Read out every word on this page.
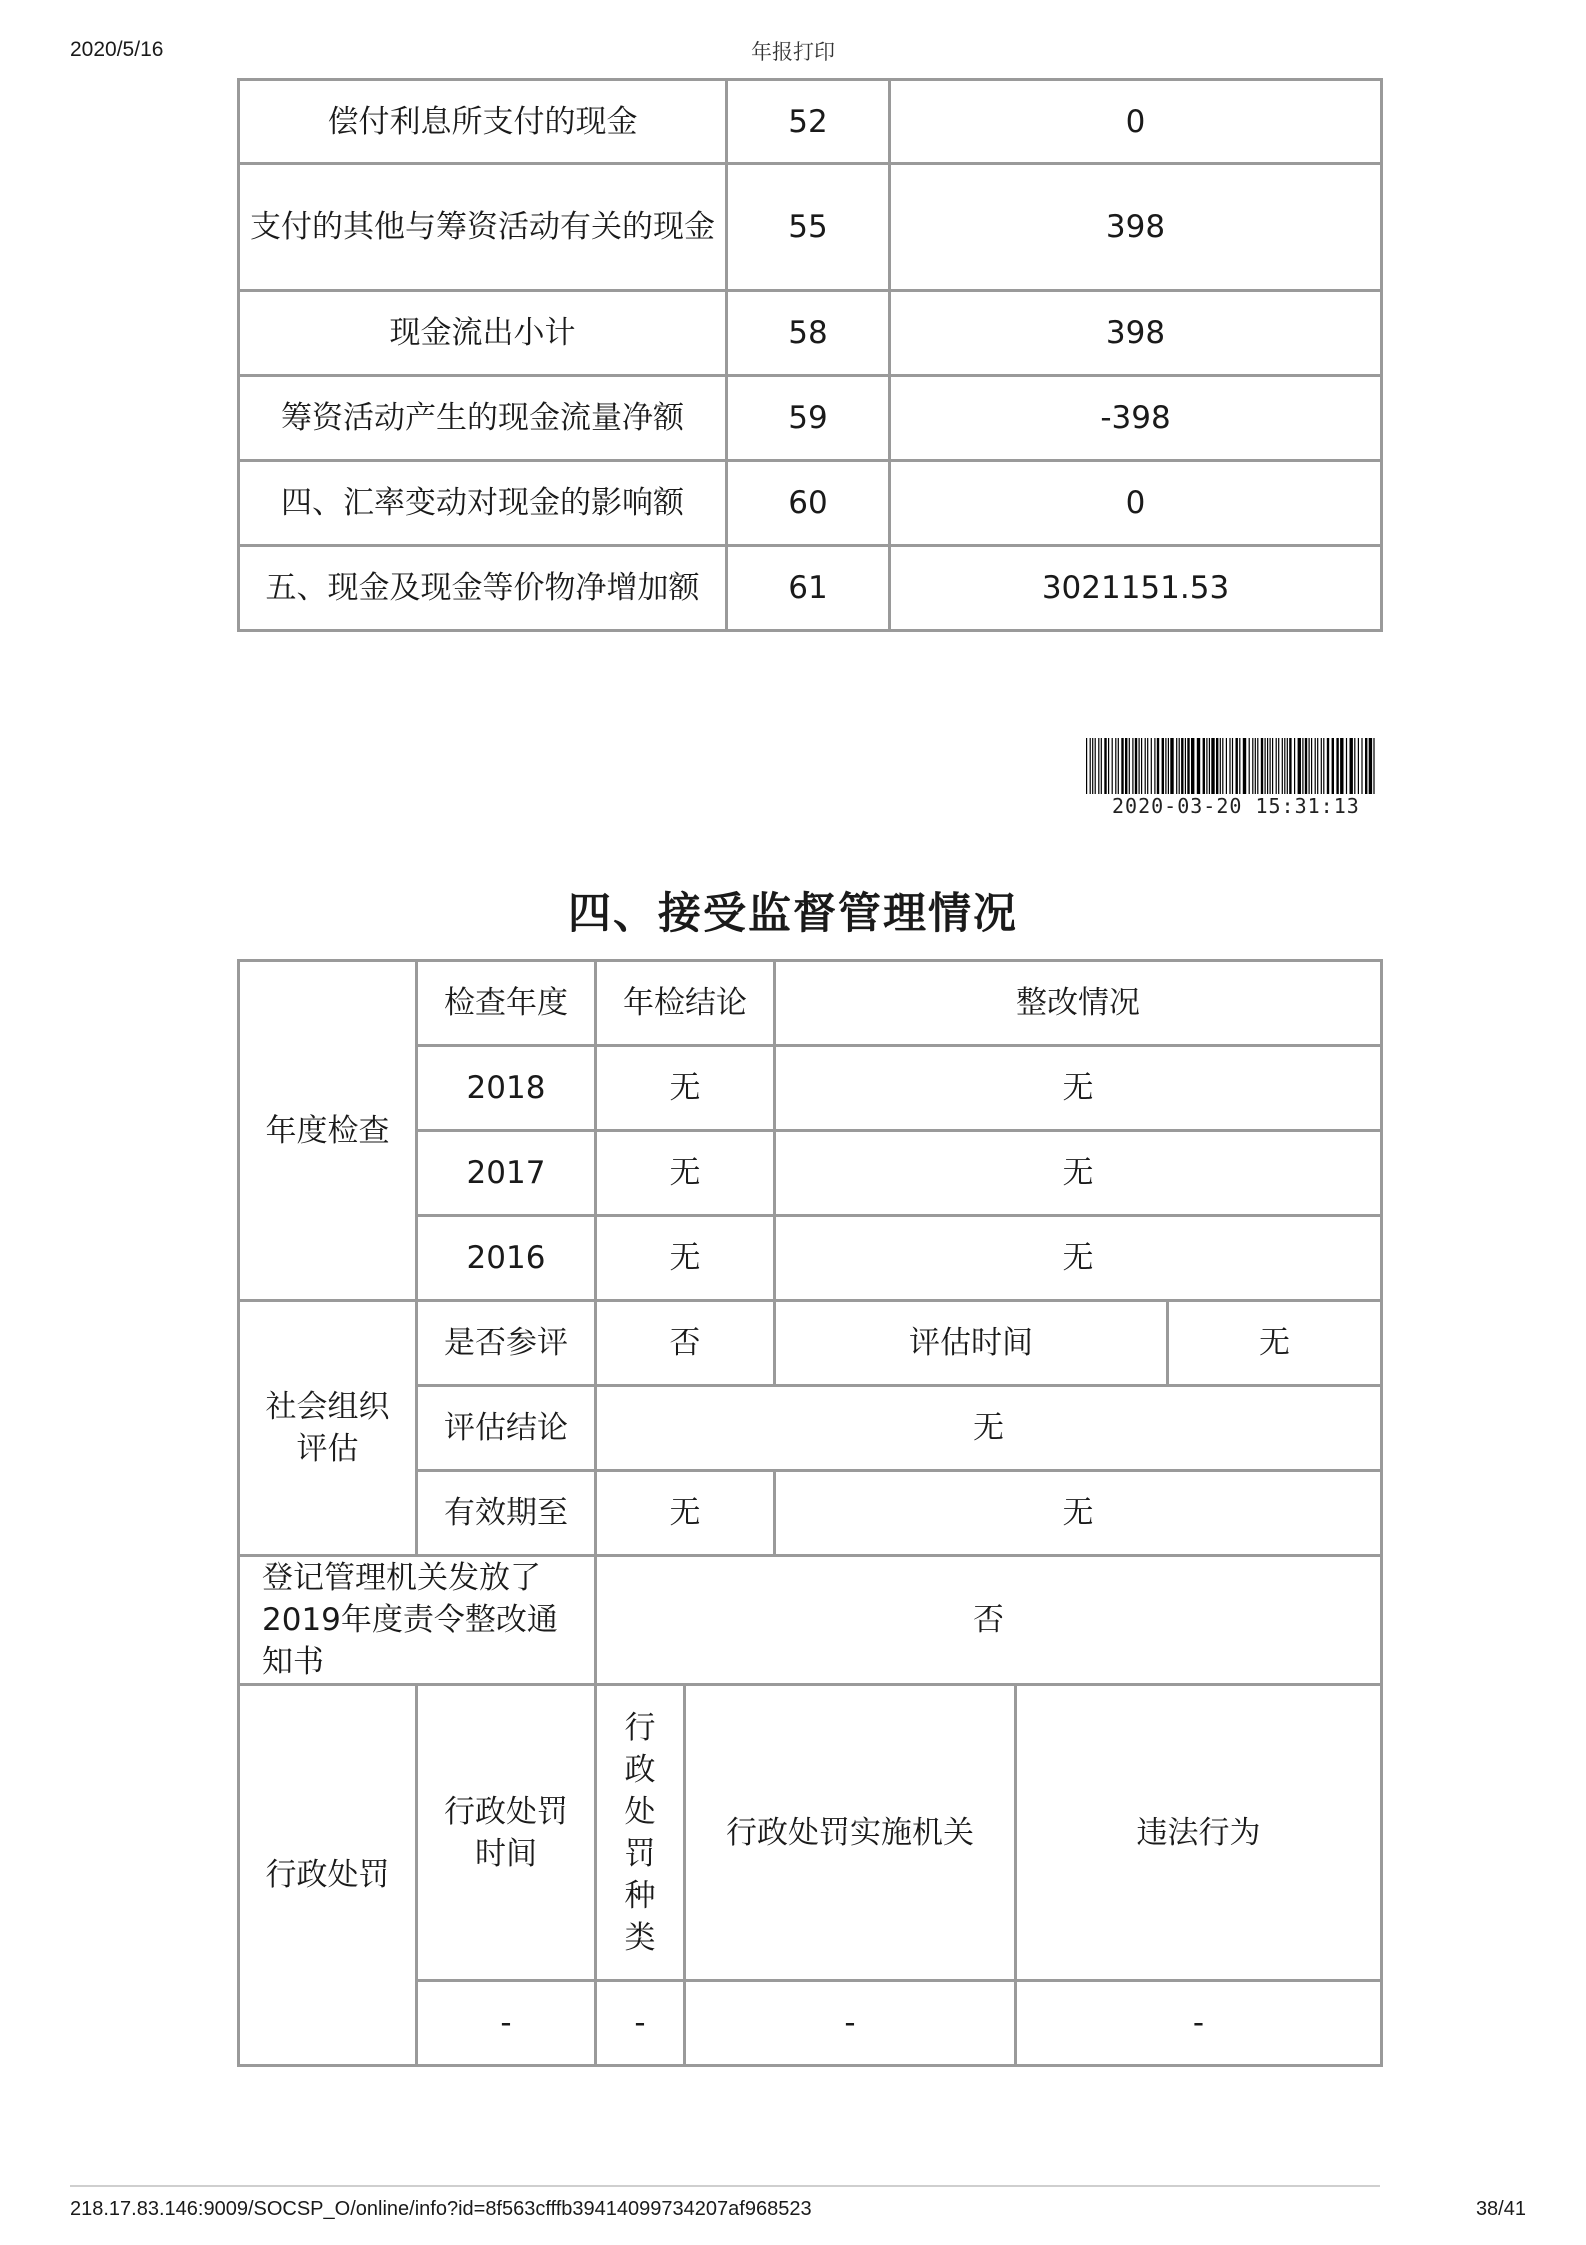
2020/5/16	年报打印
偿付利息所支付的现金	52	0
支付的其他与筹资活动有关的现金	55	398
现金流出小计	58	398
筹资活动产生的现金流量净额	59	-398
四、汇率变动对现金的影响额	60	0
五、现金及现金等价物净增加额	61	3021151.53
2020-03-20 15:31:13
四、接受监督管理情况
年度检查	检查年度	年检结论		整改情况		
	2018	无		无		
	2017	无		无		
	2016	无		无		
社会组织评估	是否参评	否		评估时间		无
	评估结论	无				
	有效期至	无		无		
登记管理机关发放了2019年度责令整改通知书		否				
行政处罚	行政处罚时间	行政处罚种类	行政处罚实施机关		违法行为	
	-	-	-		-	
218.17.83.146:9009/SOCSP_O/online/info?id=8f563cfffb39414099734207af968523	38/41
